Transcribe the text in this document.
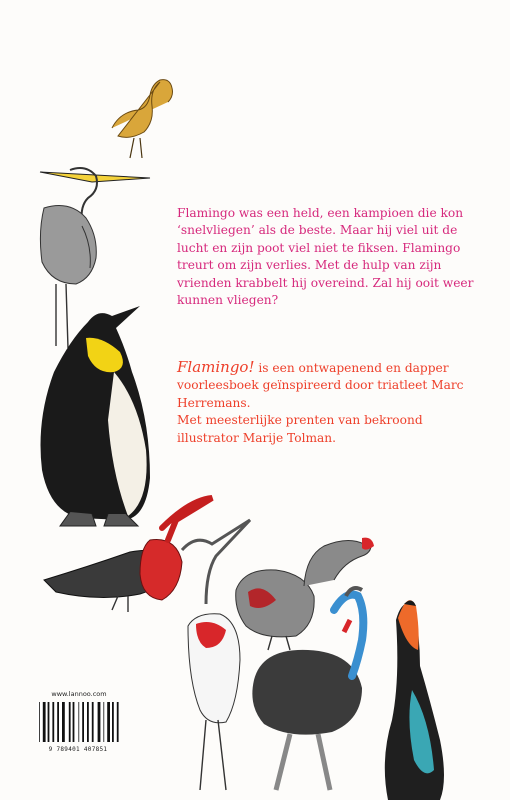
Flamingo was een held, een kampioen die kon ‘snelvliegen’ als de beste. Maar hij viel uit de lucht en zijn poot viel niet te fiksen. Flamingo treurt om zijn verlies. Met de hulp van zijn vrienden krabbelt hij overeind. Zal hij ooit weer kunnen vliegen?

Flamingo! is een ontwapenend en dapper voorleesboek geïnspireerd door triatleet Marc Herremans.
Met meesterlijke prenten van bekroond illustrator Marije Tolman.

www.lannoo.com
9 789401 407851
